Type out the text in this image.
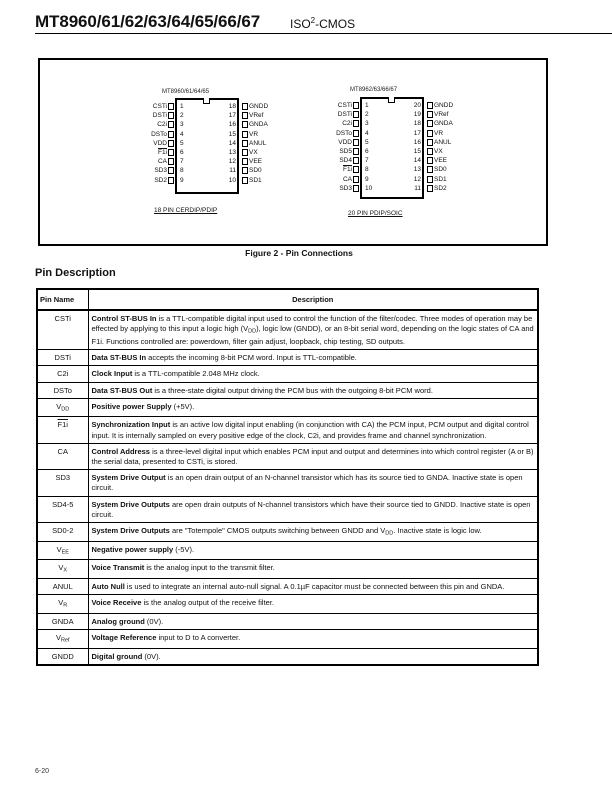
MT8960/61/62/63/64/65/66/67 ISO$^2$-CMOS
MT8960/61/64/65
CSTi 1
DSTi 2
C2i 3
DSTo 4
VDD 5
F1i 6
CA 7
SD3 8
SD2 9
GNDD
18
VRef
17
GNDA
16
VR
15
ANUL
14
VX
13
VEE
12
SD0
11
SD1
10
18 PIN CERDIP/PDIP
MT8962/63/66/67
CSTi 1
DSTi 2
C2i 3
DSTo 4
VDD 5
SD5 6
SD4 7
F1i 8
CA 9
SD3 10
GNDD
20
VRef
19
GNDA
18
VR
17
ANUL
16
VX
15
VEE
14
SD0
13
SD1
12
SD2
11
20 PIN PDIP/SOIC
Figure 2 - Pin Connections
Pin Description
Pin Name	Description
CSTi	Control ST-BUS In is a TTL-compatible digital input used to control the function of the filter/codec. Three modes of operation may be effected by applying to this input a logic high $(V_{DD})$, logic low (GNDD), or an 8-bit serial word, depending on the logic states of CA and F1i. Functions controlled are: powerdown, filter gain adjust, loopback, chip testing, SD outputs.
DSTi	Data ST-BUS In accepts the incoming 8-bit PCM word. Input is TTL-compatible.
C2i	Clock Input is a TTL-compatible 2.048 MHz clock.
DSTo	Data ST-BUS Out is a three-state digital output driving the PCM bus with the outgoing 8-bit PCM word.
$V_{DD}$	Positive power Supply (+5V).
F1i	Synchronization Input is an active low digital input enabling (in conjunction with CA) the PCM input, PCM output and digital control input. It is internally sampled on every positive edge of the clock, C2i, and provides frame and channel synchronization.
CA	Control Address is a three-level digital input which enables PCM input and output and determines into which control register (A or B) the serial data, presented to CSTi, is stored.
SD3	System Drive Output is an open drain output of an N-channel transistor which has its source tied to GNDA. Inactive state is open circuit.
SD4-5	System Drive Outputs are open drain outputs of N-channel transistors which have their source tied to GNDD. Inactive state is open circuit.
SD0-2	System Drive Outputs are "Totempole" CMOS outputs switching between GNDD and $V_{DD}$. Inactive state is logic low.
$V_{EE}$	Negative power supply (-5V).
$V_X$	Voice Transmit is the analog input to the transmit filter.
ANUL	Auto Null is used to integrate an internal auto-null signal. A 0.1µF capacitor must be connected between this pin and GNDA.
$V_R$	Voice Receive is the analog output of the receive filter.
GNDA	Analog ground (0V).
$V_{Ref}$	Voltage Reference input to D to A converter.
GNDD	Digital ground (0V).
6-20
